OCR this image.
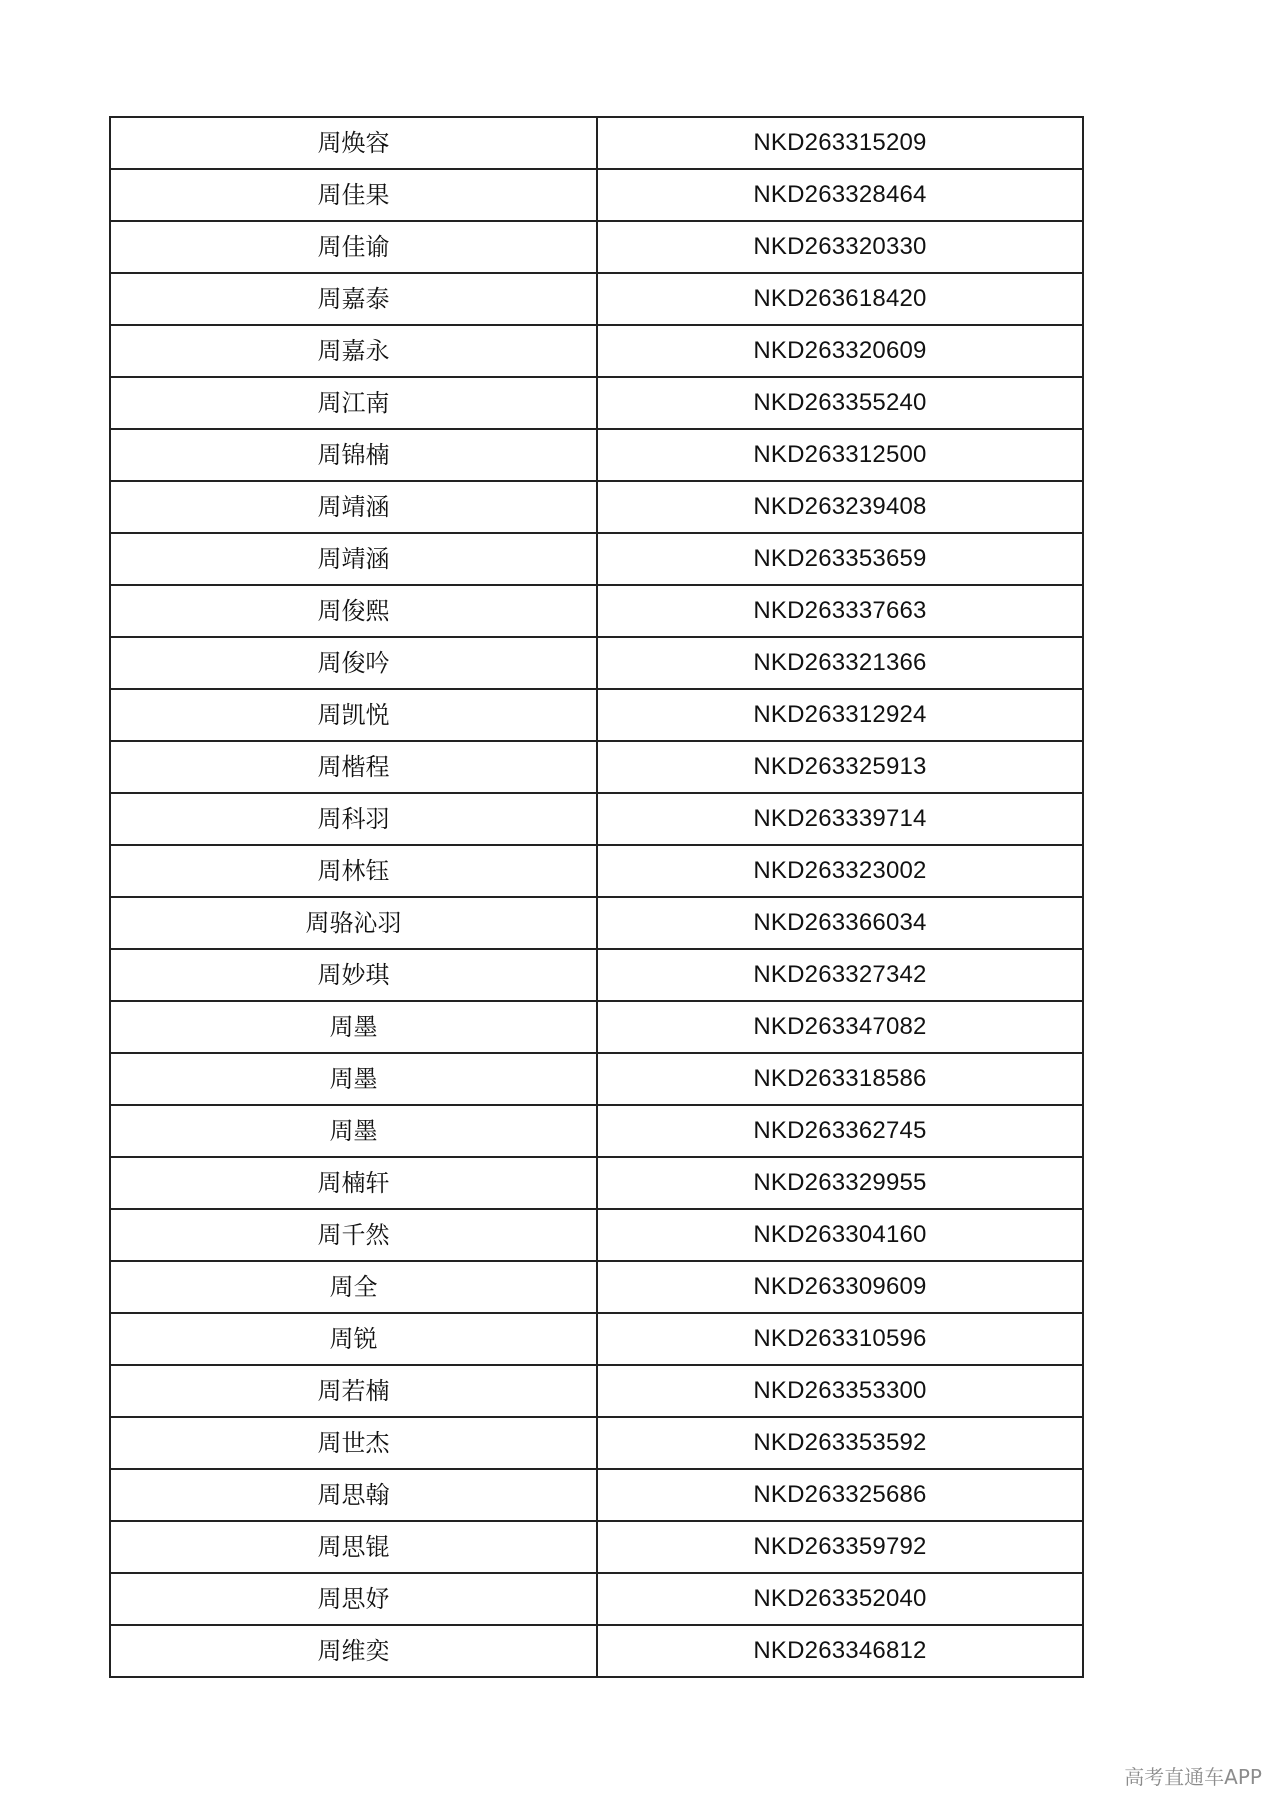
周焕容	NKD263315209
周佳果	NKD263328464
周佳谕	NKD263320330
周嘉泰	NKD263618420
周嘉永	NKD263320609
周江南	NKD263355240
周锦楠	NKD263312500
周靖涵	NKD263239408
周靖涵	NKD263353659
周俊熙	NKD263337663
周俊吟	NKD263321366
周凯悦	NKD263312924
周楷程	NKD263325913
周科羽	NKD263339714
周林钰	NKD263323002
周骆沁羽	NKD263366034
周妙琪	NKD263327342
周墨	NKD263347082
周墨	NKD263318586
周墨	NKD263362745
周楠轩	NKD263329955
周千然	NKD263304160
周全	NKD263309609
周锐	NKD263310596
周若楠	NKD263353300
周世杰	NKD263353592
周思翰	NKD263325686
周思锟	NKD263359792
周思妤	NKD263352040
周维奕	NKD263346812
高考直通车APP
